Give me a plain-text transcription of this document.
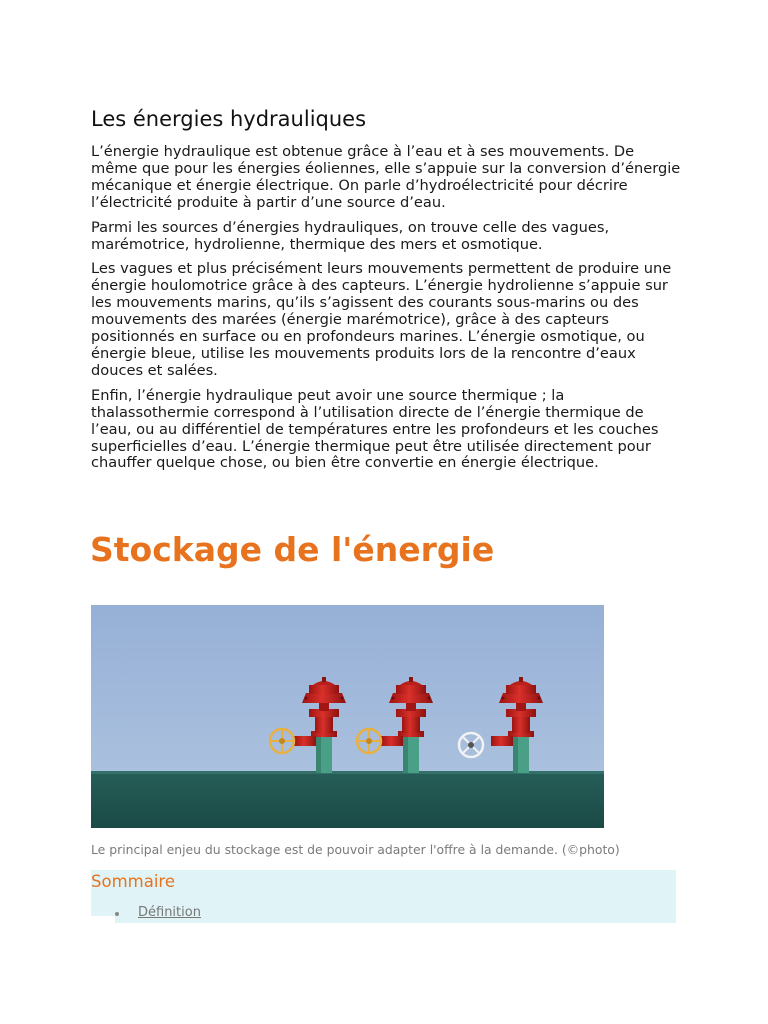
Les énergies hydrauliques

L’énergie hydraulique est obtenue grâce à l’eau et à ses mouvements. De même que pour les énergies éoliennes, elle s’appuie sur la conversion d’énergie mécanique et énergie électrique. On parle d’hydroélectricité pour décrire l’électricité produite à partir d’une source d’eau.

Parmi les sources d’énergies hydrauliques, on trouve celle des vagues, marémotrice, hydrolienne, thermique des mers et osmotique.

Les vagues et plus précisément leurs mouvements permettent de produire une énergie houlomotrice grâce à des capteurs. L’énergie hydrolienne s’appuie sur les mouvements marins, qu’ils s’agissent des courants sous-marins ou des mouvements des marées (énergie marémotrice), grâce à des capteurs positionnés en surface ou en profondeurs marines. L’énergie osmotique, ou énergie bleue, utilise les mouvements produits lors de la rencontre d’eaux douces et salées.

Enfin, l’énergie hydraulique peut avoir une source thermique ; la thalassothermie correspond à l’utilisation directe de l’énergie thermique de l’eau, ou au différentiel de températures entre les profondeurs et les couches superficielles d’eau. L’énergie thermique peut être utilisée directement pour chauffer quelque chose, ou bien être convertie en énergie électrique.

Stockage de l'énergie
Le principal enjeu du stockage est de pouvoir adapter l'offre à la demande. (©photo)
Sommaire
Définition
